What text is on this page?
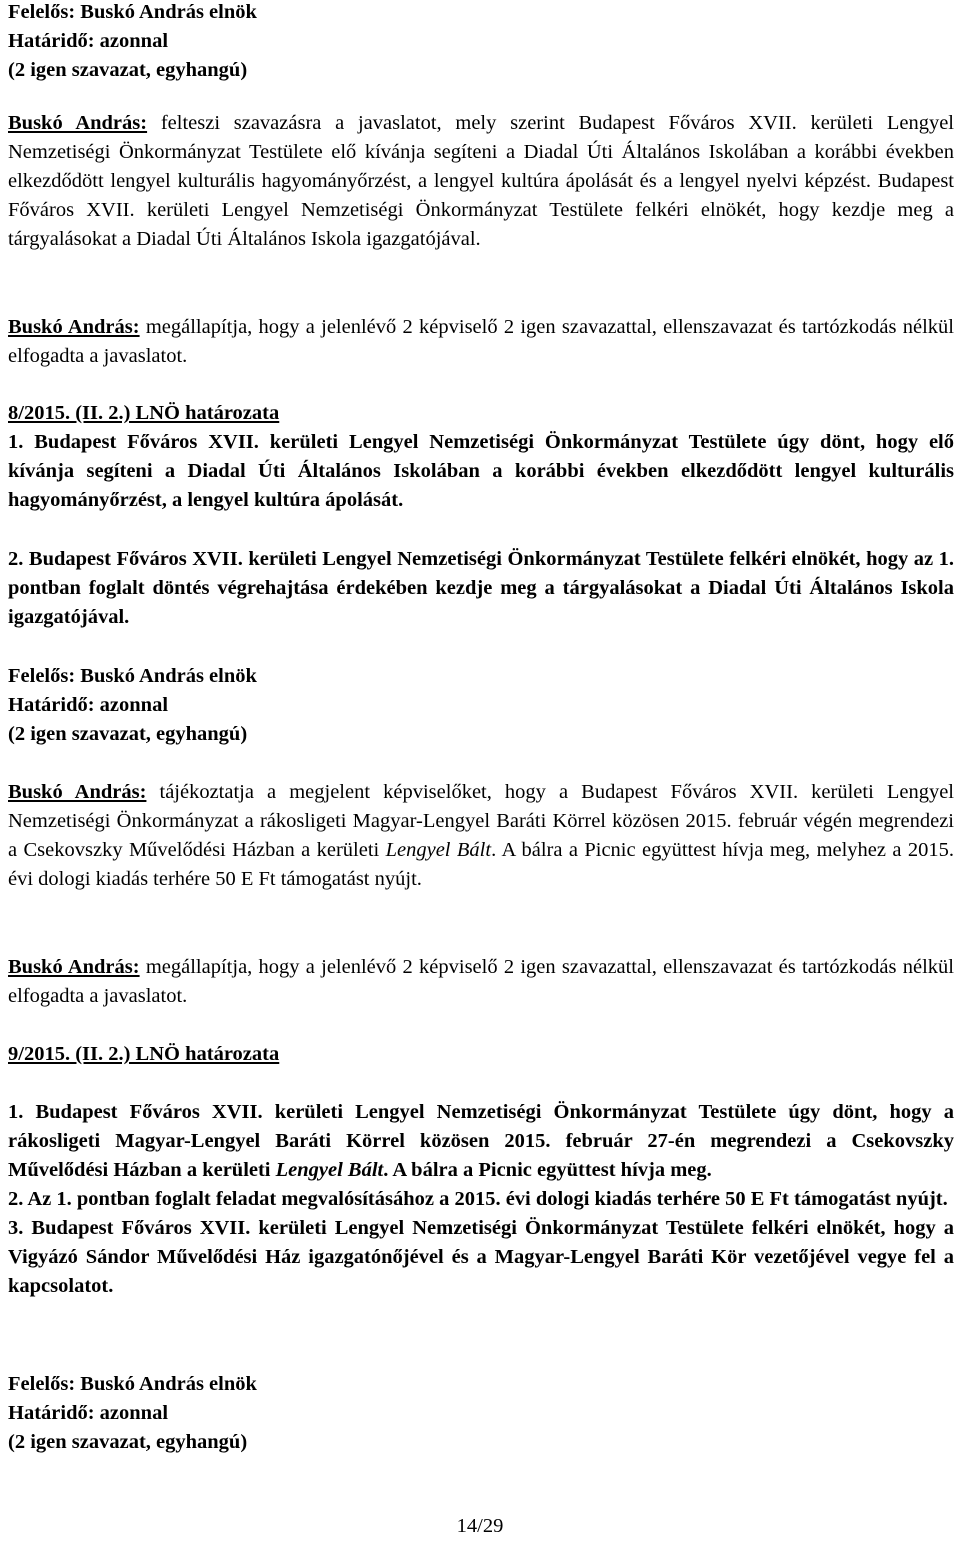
Felelős: Buskó András elnök
Határidő: azonnal
(2 igen szavazat, egyhangú)

Buskó András: felteszi szavazásra a javaslatot, mely szerint Budapest Főváros XVII. kerületi Lengyel Nemzetiségi Önkormányzat Testülete elő kívánja segíteni a Diadal Úti Általános Iskolában a korábbi években elkezdődött lengyel kulturális hagyományőrzést, a lengyel kultúra ápolását és a lengyel nyelvi képzést. Budapest Főváros XVII. kerületi Lengyel Nemzetiségi Önkormányzat Testülete felkéri elnökét, hogy kezdje meg a tárgyalásokat a Diadal Úti Általános Iskola igazgatójával.

Buskó András: megállapítja, hogy a jelenlévő 2 képviselő 2 igen szavazattal, ellenszavazat és tartózkodás nélkül elfogadta a javaslatot.

8/2015. (II. 2.) LNÖ határozata
1. Budapest Főváros XVII. kerületi Lengyel Nemzetiségi Önkormányzat Testülete úgy dönt, hogy elő kívánja segíteni a Diadal Úti Általános Iskolában a korábbi években elkezdődött lengyel kulturális hagyományőrzést, a lengyel kultúra ápolását.
2. Budapest Főváros XVII. kerületi Lengyel Nemzetiségi Önkormányzat Testülete felkéri elnökét, hogy az 1. pontban foglalt döntés végrehajtása érdekében kezdje meg a tárgyalásokat a Diadal Úti Általános Iskola igazgatójával.
Felelős: Buskó András elnök
Határidő: azonnal
(2 igen szavazat, egyhangú)

Buskó András: tájékoztatja a megjelent képviselőket, hogy a Budapest Főváros XVII. kerületi Lengyel Nemzetiségi Önkormányzat a rákosligeti Magyar-Lengyel Baráti Körrel közösen 2015. február végén megrendezi a Csekovszky Művelődési Házban a kerületi Lengyel Bált. A bálra a Picnic együttest hívja meg, melyhez a 2015. évi dologi kiadás terhére 50 E Ft támogatást nyújt.

Buskó András: megállapítja, hogy a jelenlévő 2 képviselő 2 igen szavazattal, ellenszavazat és tartózkodás nélkül elfogadta a javaslatot.

9/2015. (II. 2.) LNÖ határozata
1. Budapest Főváros XVII. kerületi Lengyel Nemzetiségi Önkormányzat Testülete úgy dönt, hogy a rákosligeti Magyar-Lengyel Baráti Körrel közösen 2015. február 27-én megrendezi a Csekovszky Művelődési Házban a kerületi Lengyel Bált. A bálra a Picnic együttest hívja meg.
2. Az 1. pontban foglalt feladat megvalósításához a 2015. évi dologi kiadás terhére 50 E Ft támogatást nyújt.
3. Budapest Főváros XVII. kerületi Lengyel Nemzetiségi Önkormányzat Testülete felkéri elnökét, hogy a Vigyázó Sándor Művelődési Ház igazgatónőjével és a Magyar-Lengyel Baráti Kör vezetőjével vegye fel a kapcsolatot.
Felelős: Buskó András elnök
Határidő: azonnal
(2 igen szavazat, egyhangú)
14/29
